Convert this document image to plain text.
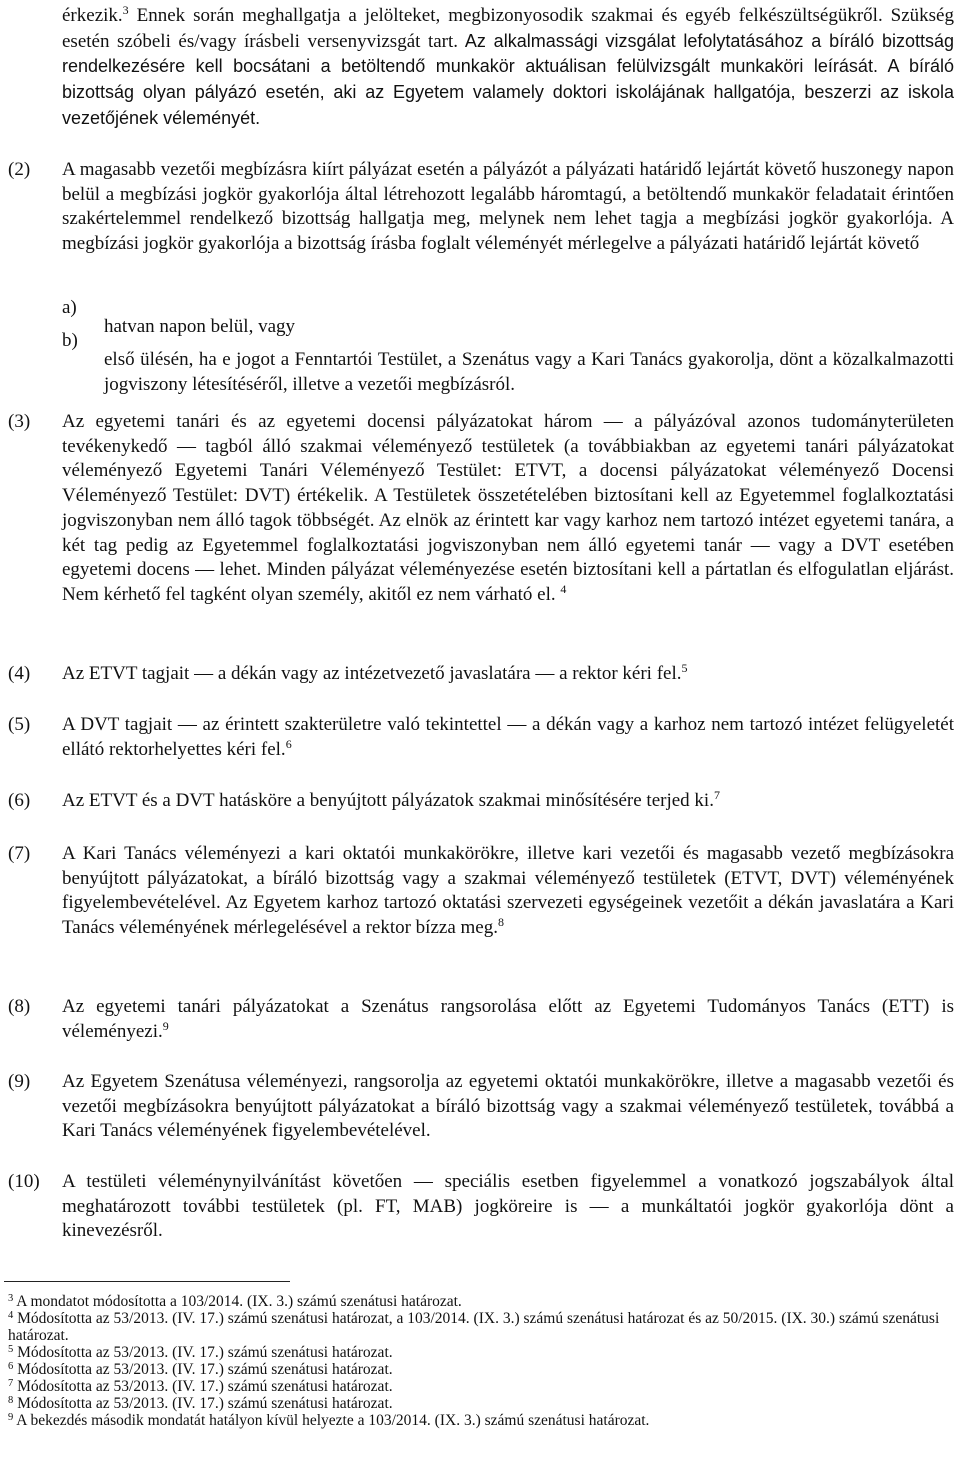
érkezik.$^3$ Ennek során meghallgatja a jelölteket, megbizonyosodik szakmai és egyéb felkészültségükről. Szükség esetén szóbeli és/vagy írásbeli versenyvizsgát tart. Az alkalmassági vizsgálat lefolytatásához a bíráló bizottság rendelkezésére kell bocsátani a betöltendő munkakör aktuálisan felülvizsgált munkaköri leírását. A bíráló bizottság olyan pályázó esetén, aki az Egyetem valamely doktori iskolájának hallgatója, beszerzi az iskola vezetőjének véleményét.

(2) A magasabb vezetői megbízásra kiírt pályázat esetén a pályázót a pályázati határidő lejártát követő huszonegy napon belül a megbízási jogkör gyakorlója által létrehozott legalább háromtagú, a betöltendő munkakör feladatait érintően szakértelemmel rendelkező bizottság hallgatja meg, melynek nem lehet tagja a megbízási jogkör gyakorlója. A megbízási jogkör gyakorlója a bizottság írásba foglalt véleményét mérlegelve a pályázati határidő lejártát követő

a)

hatvan napon belül, vagy

b)

első ülésén, ha e jogot a Fenntartói Testület, a Szenátus vagy a Kari Tanács gyakorolja, dönt a közalkalmazotti jogviszony létesítéséről, illetve a vezetői megbízásról.

(3) Az egyetemi tanári és az egyetemi docensi pályázatokat három ― a pályázóval azonos tudományterületen tevékenykedő ― tagból álló szakmai véleményező testületek (a továbbiakban az egyetemi tanári pályázatokat véleményező Egyetemi Tanári Véleményező Testület: ETVT, a docensi pályázatokat véleményező Docensi Véleményező Testület: DVT) értékelik. A Testületek összetételében biztosítani kell az Egyetemmel foglalkoztatási jogviszonyban nem álló tagok többségét. Az elnök az érintett kar vagy karhoz nem tartozó intézet egyetemi tanára, a két tag pedig az Egyetemmel foglalkoztatási jogviszonyban nem álló egyetemi tanár ― vagy a DVT esetében egyetemi docens ― lehet. Minden pályázat véleményezése esetén biztosítani kell a pártatlan és elfogulatlan eljárást. Nem kérhető fel tagként olyan személy, akitől ez nem várható el. $^4$

(4) Az ETVT tagjait ― a dékán vagy az intézetvezető javaslatára ― a rektor kéri fel.$^5$

(5) A DVT tagjait ― az érintett szakterületre való tekintettel ― a dékán vagy a karhoz nem tartozó intézet felügyeletét ellátó rektorhelyettes kéri fel.$^6$

(6) Az ETVT és a DVT hatásköre a benyújtott pályázatok szakmai minősítésére terjed ki.$^7$

(7) A Kari Tanács véleményezi a kari oktatói munkakörökre, illetve kari vezetői és magasabb vezető megbízásokra benyújtott pályázatokat, a bíráló bizottság vagy a szakmai véleményező testületek (ETVT, DVT) véleményének figyelembevételével. Az Egyetem karhoz tartozó oktatási szervezeti egységeinek vezetőit a dékán javaslatára a Kari Tanács véleményének mérlegelésével a rektor bízza meg.$^8$

(8) Az egyetemi tanári pályázatokat a Szenátus rangsorolása előtt az Egyetemi Tudományos Tanács (ETT) is véleményezi.$^9$

(9) Az Egyetem Szenátusa véleményezi, rangsorolja az egyetemi oktatói munkakörökre, illetve a magasabb vezetői és vezetői megbízásokra benyújtott pályázatokat a bíráló bizottság vagy a szakmai véleményező testületek, továbbá a Kari Tanács véleményének figyelembevételével.

(10) A testületi véleménynyilvánítást követően ― speciális esetben figyelemmel a vonatkozó jogszabályok által meghatározott további testületek (pl. FT, MAB) jogköreire is ― a munkáltatói jogkör gyakorlója dönt a kinevezésről.

$^3$ A mondatot módosította a 103/2014. (IX. 3.) számú szenátusi határozat.

$^4$ Módosította az 53/2013. (IV. 17.) számú szenátusi határozat, a 103/2014. (IX. 3.) számú szenátusi határozat és az 50/2015. (IX. 30.) számú szenátusi határozat.

$^5$ Módosította az 53/2013. (IV. 17.) számú szenátusi határozat.

$^6$ Módosította az 53/2013. (IV. 17.) számú szenátusi határozat.

$^7$ Módosította az 53/2013. (IV. 17.) számú szenátusi határozat.

$^8$ Módosította az 53/2013. (IV. 17.) számú szenátusi határozat.

$^9$ A bekezdés második mondatát hatályon kívül helyezte a 103/2014. (IX. 3.) számú szenátusi határozat.
